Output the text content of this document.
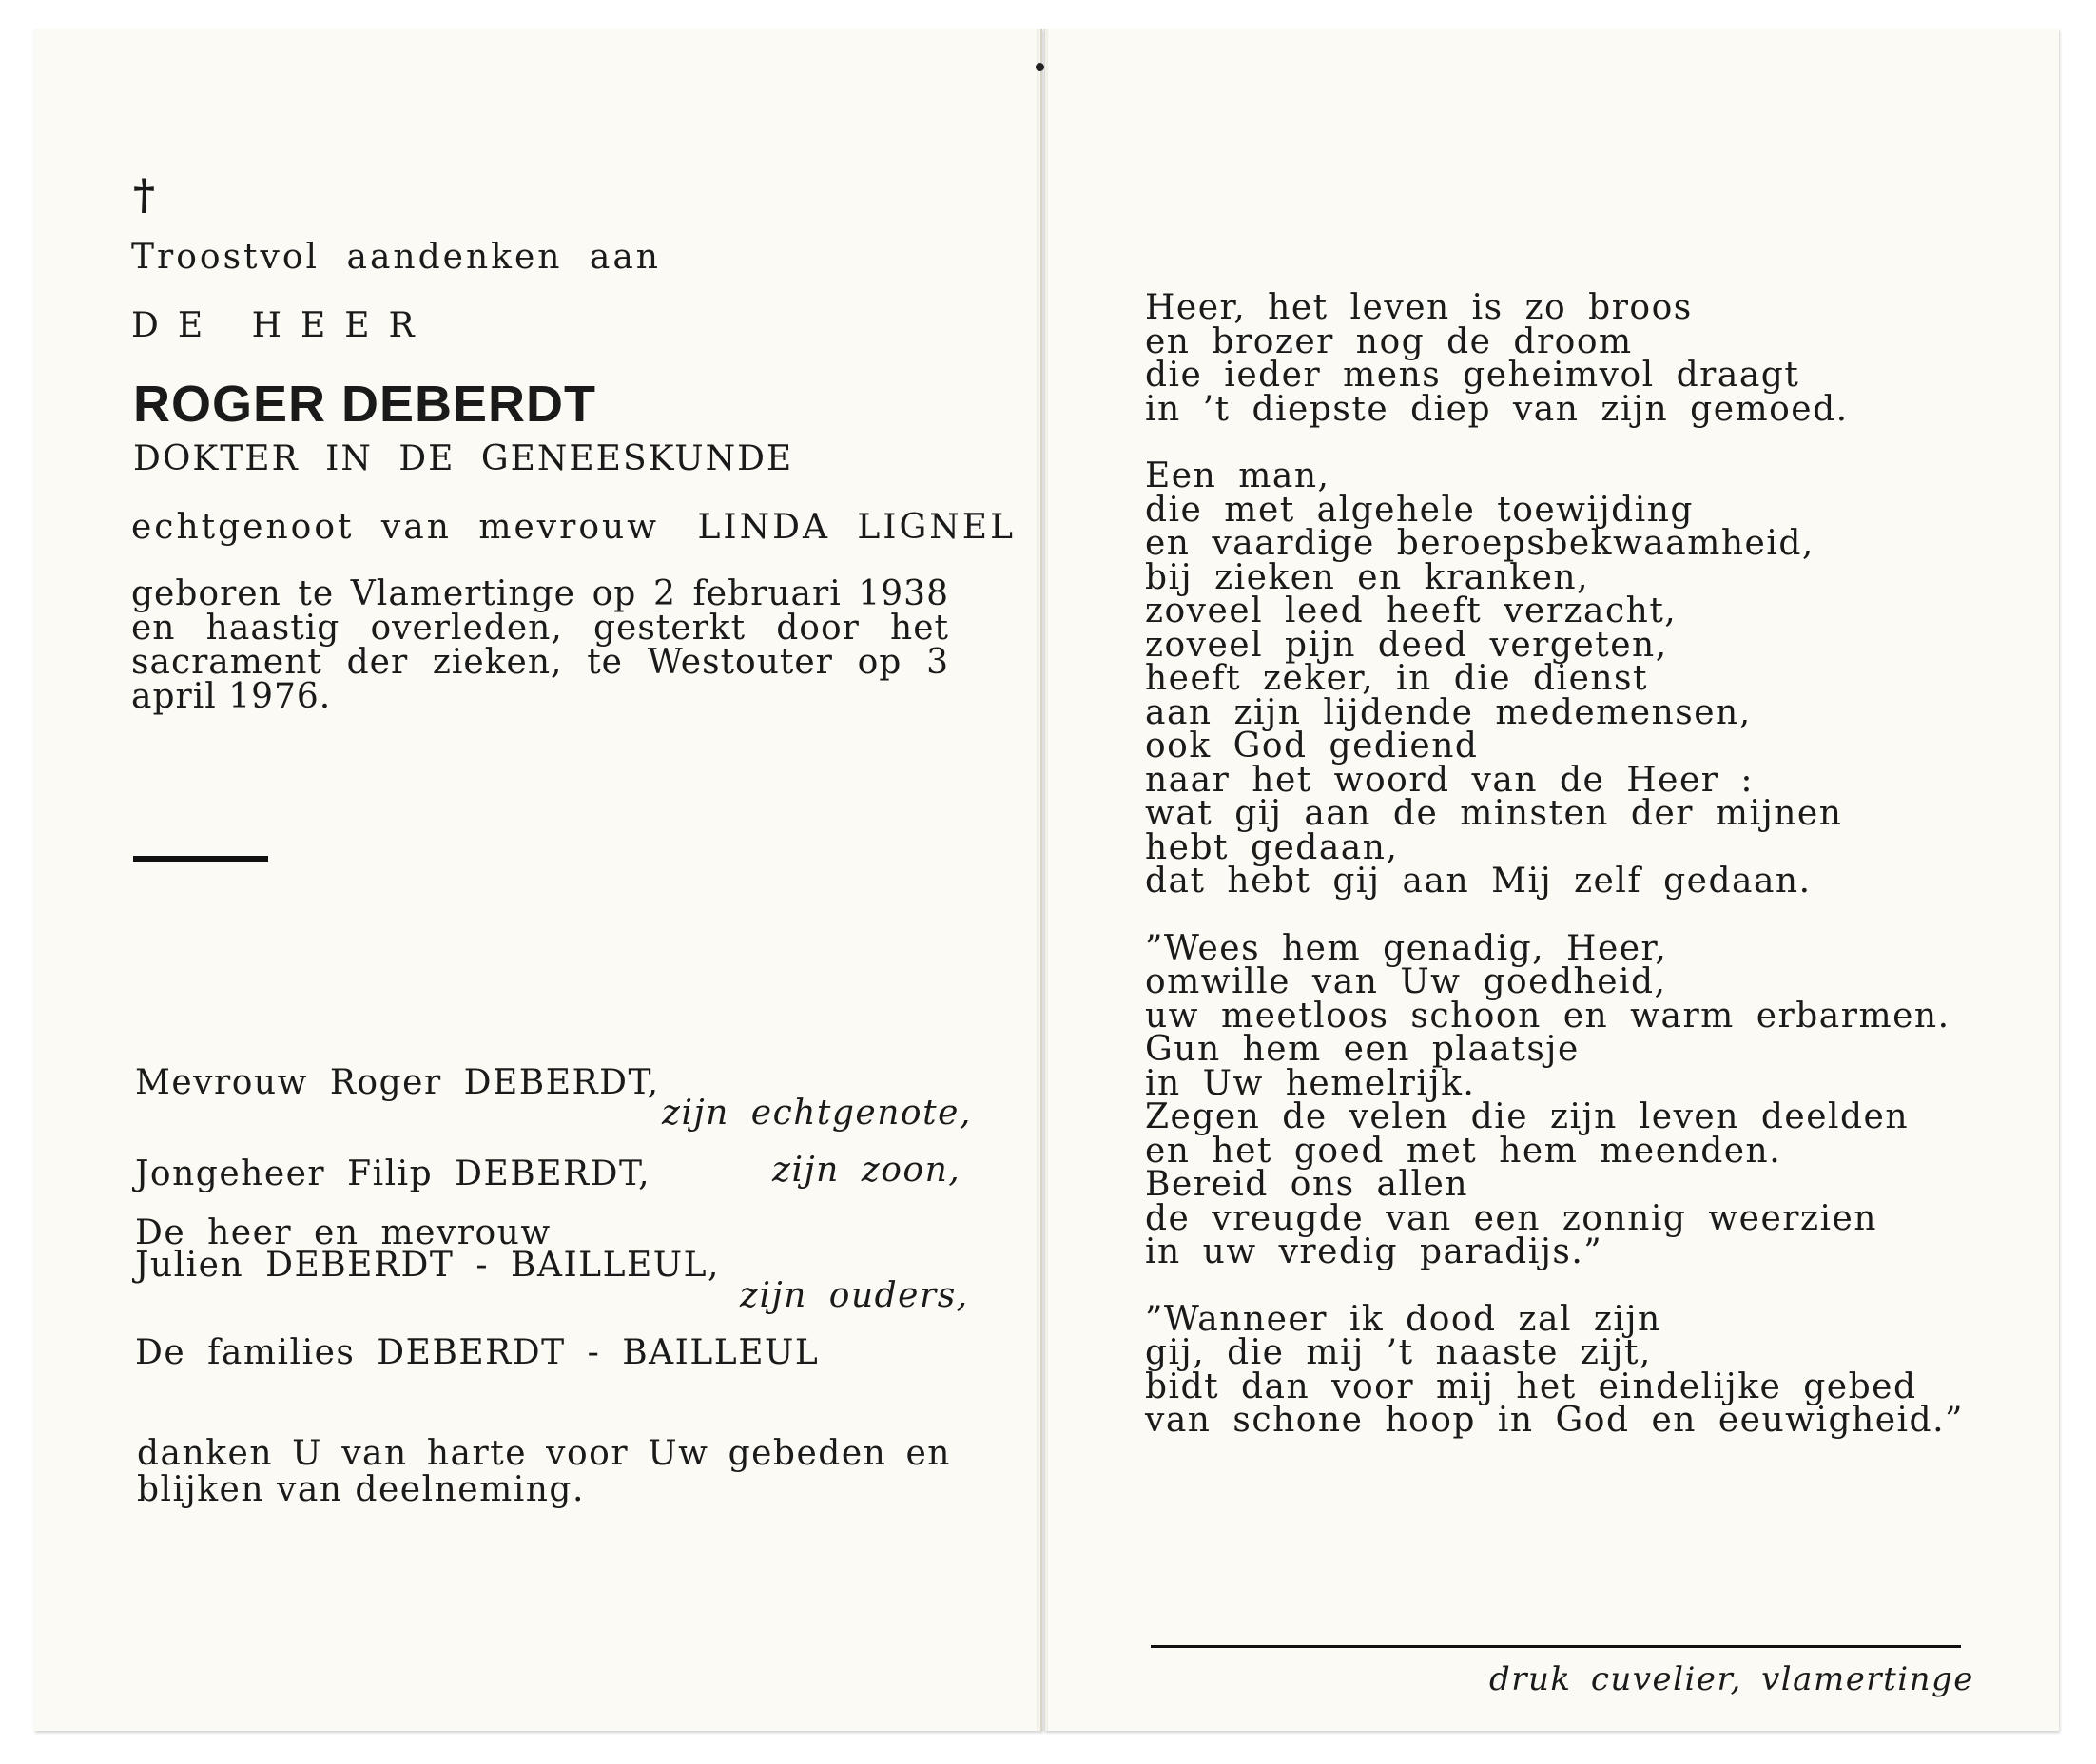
†
Troostvol aandenken aan
DE HEER
ROGER DEBERDT
DOKTER IN DE GENEESKUNDE
echtgenoot van mevrouw LINDA LIGNEL
geboren te Vlamertinge op 2 februari 1938
en haastig overleden, gesterkt door het
sacrament der zieken, te Westouter op 3
april 1976.
Mevrouw Roger DEBERDT,
zijn echtgenote,
Jongeheer Filip DEBERDT,	zijn zoon,
De heer en mevrouw
Julien DEBERDT - BAILLEUL,
zijn ouders,
De families DEBERDT - BAILLEUL
danken U van harte voor Uw gebeden en
blijken van deelneming.
Heer, het leven is zo broos
en brozer nog de droom
die ieder mens geheimvol draagt
in ’t diepste diep van zijn gemoed.
Een man,
die met algehele toewijding
en vaardige beroepsbekwaamheid,
bij zieken en kranken,
zoveel leed heeft verzacht,
zoveel pijn deed vergeten,
heeft zeker, in die dienst
aan zijn lijdende medemensen,
ook God gediend
naar het woord van de Heer :
wat gij aan de minsten der mijnen
hebt gedaan,
dat hebt gij aan Mij zelf gedaan.
”Wees hem genadig, Heer,
omwille van Uw goedheid,
uw meetloos schoon en warm erbarmen.
Gun hem een plaatsje
in Uw hemelrijk.
Zegen de velen die zijn leven deelden
en het goed met hem meenden.
Bereid ons allen
de vreugde van een zonnig weerzien
in uw vredig paradijs.”
”Wanneer ik dood zal zijn
gij, die mij ’t naaste zijt,
bidt dan voor mij het eindelijke gebed
van schone hoop in God en eeuwigheid.”
druk cuvelier, vlamertinge
